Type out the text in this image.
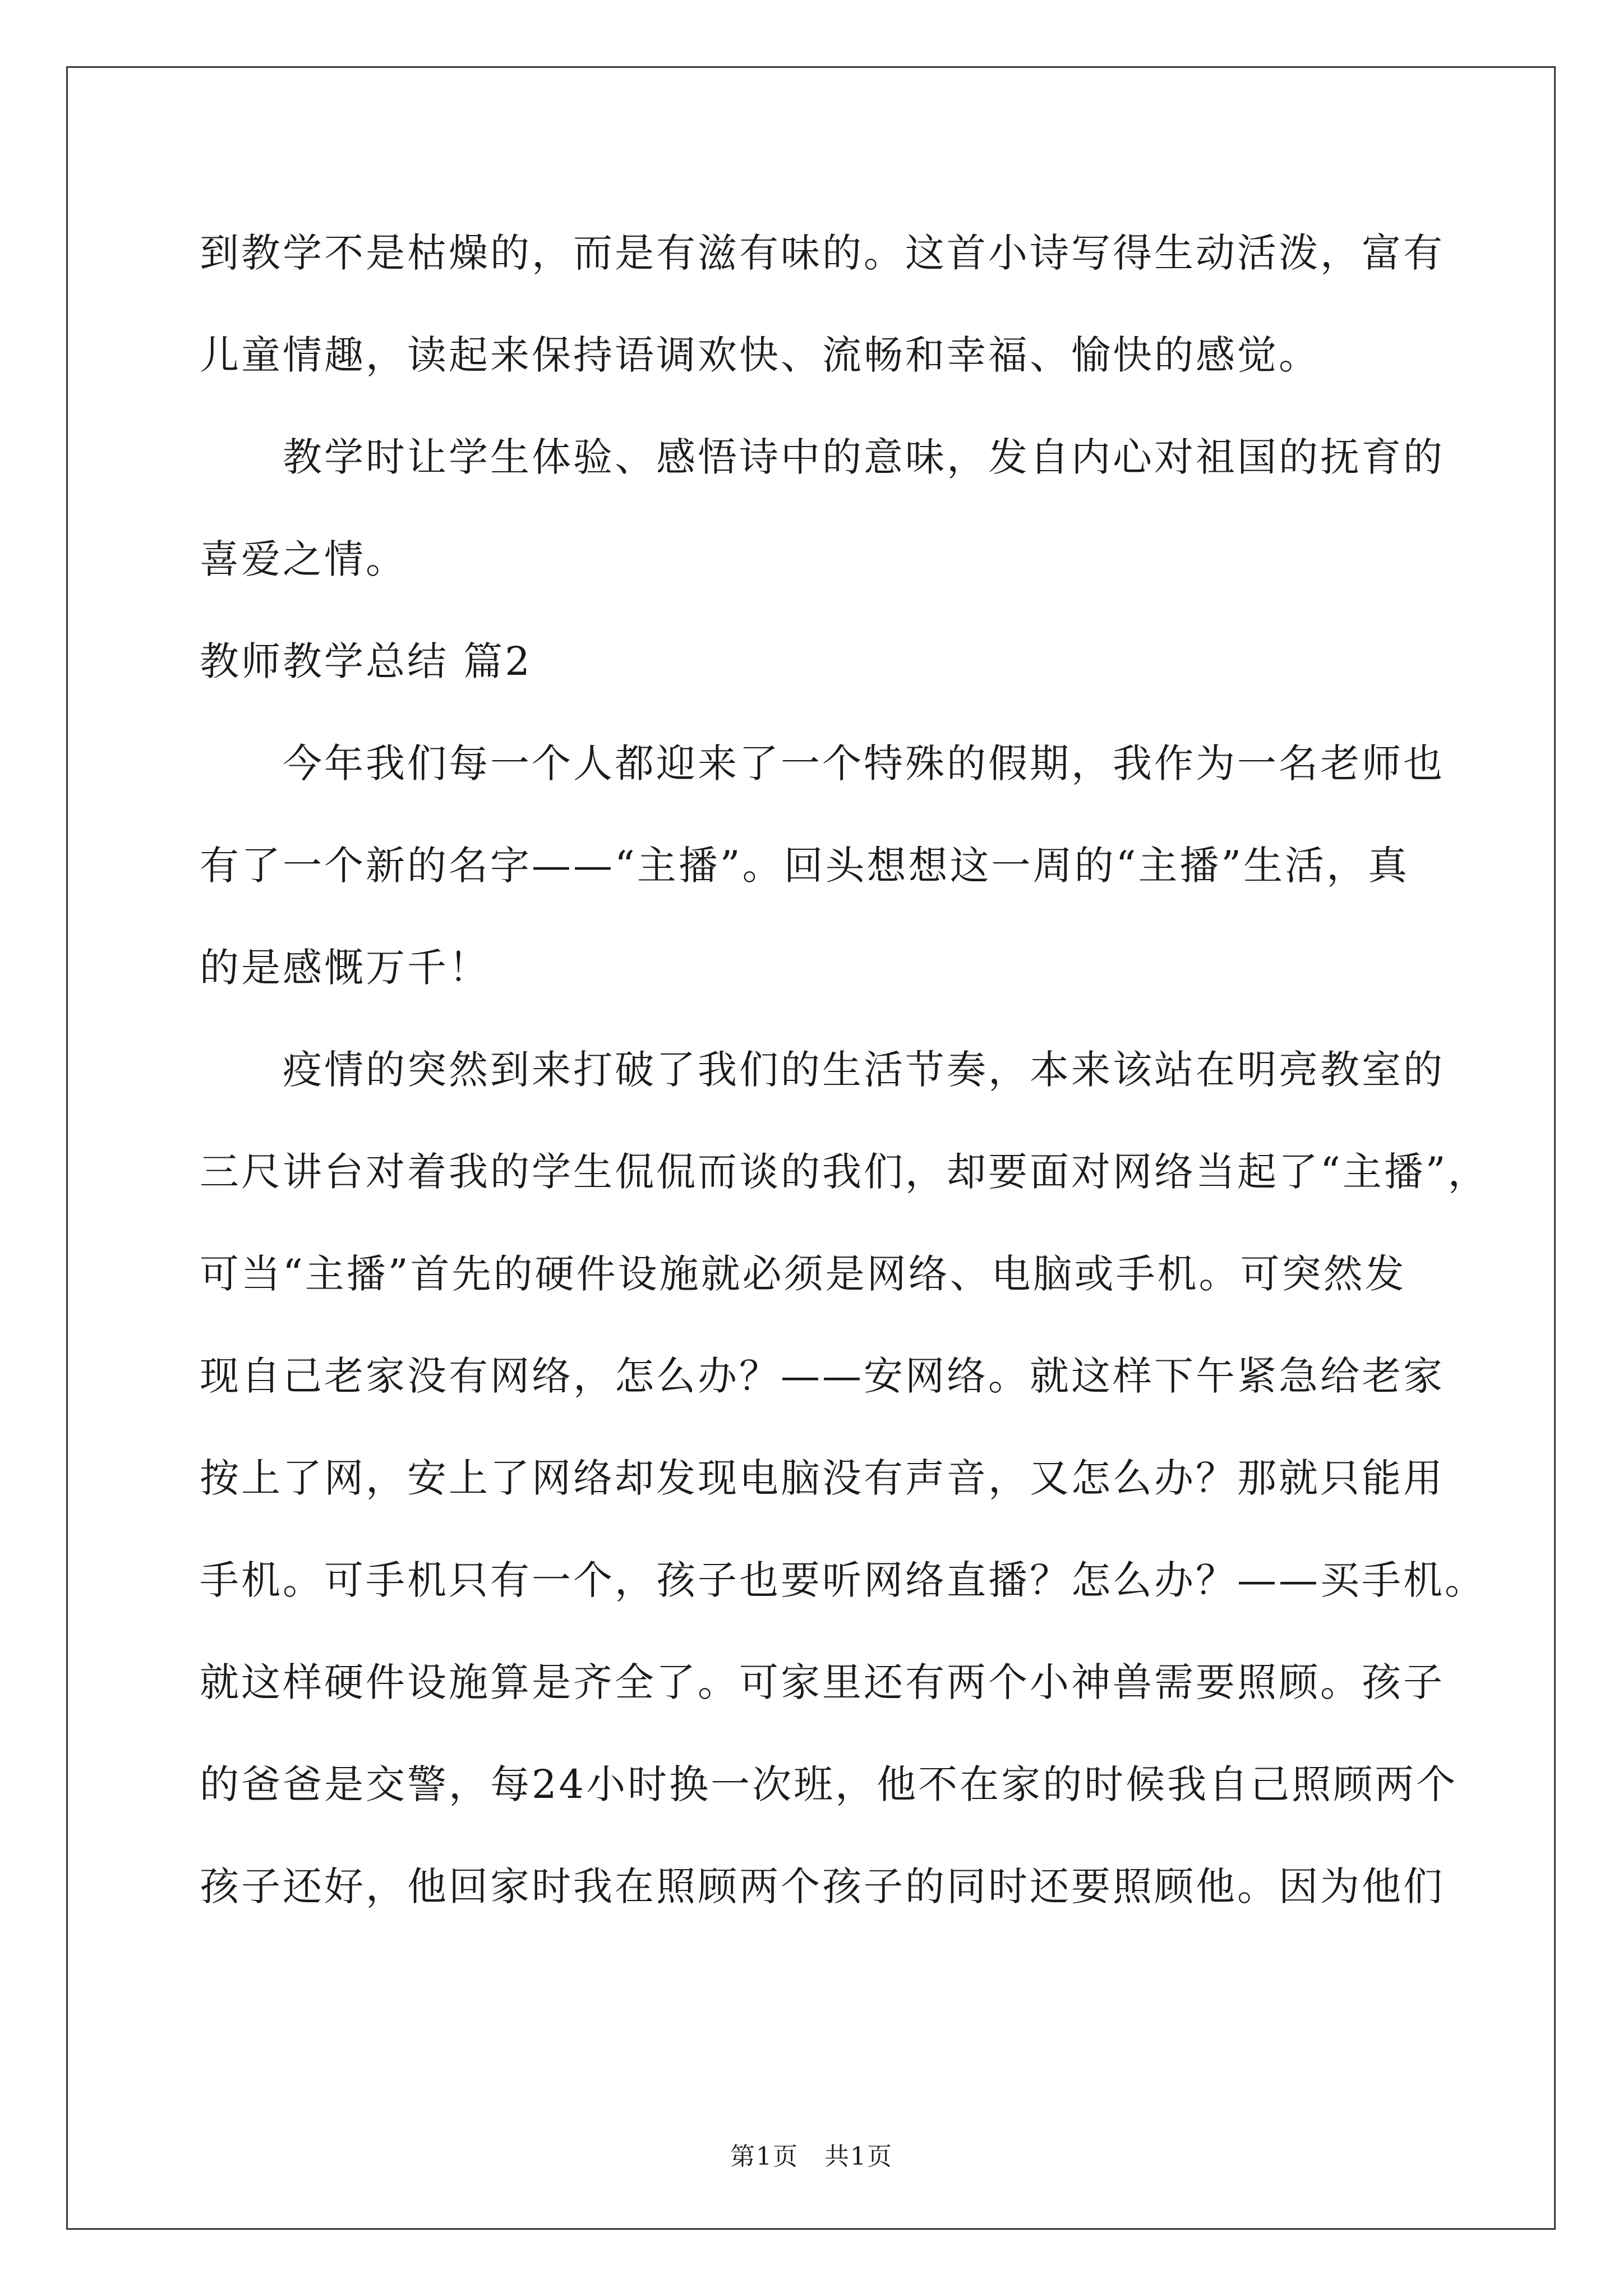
到教学不是枯燥的，而是有滋有味的。这首小诗写得生动活泼，富有
儿童情趣，读起来保持语调欢快、流畅和幸福、愉快的感觉。
教学时让学生体验、感悟诗中的意味，发自内心对祖国的抚育的
喜爱之情。
教师教学总结 篇2
今年我们每一个人都迎来了一个特殊的假期，我作为一名老师也
有了一个新的名字——“主播”。回头想想这一周的“主播”生活，真
的是感慨万千！
疫情的突然到来打破了我们的生活节奏，本来该站在明亮教室的
三尺讲台对着我的学生侃侃而谈的我们，却要面对网络当起了“主播”，
可当“主播”首先的硬件设施就必须是网络、电脑或手机。可突然发
现自己老家没有网络，怎么办？——安网络。就这样下午紧急给老家
按上了网，安上了网络却发现电脑没有声音，又怎么办？那就只能用
手机。可手机只有一个，孩子也要听网络直播？怎么办？——买手机。
就这样硬件设施算是齐全了。可家里还有两个小神兽需要照顾。孩子
的爸爸是交警，每24小时换一次班，他不在家的时候我自己照顾两个
孩子还好，他回家时我在照顾两个孩子的同时还要照顾他。因为他们
第1页　共1页
